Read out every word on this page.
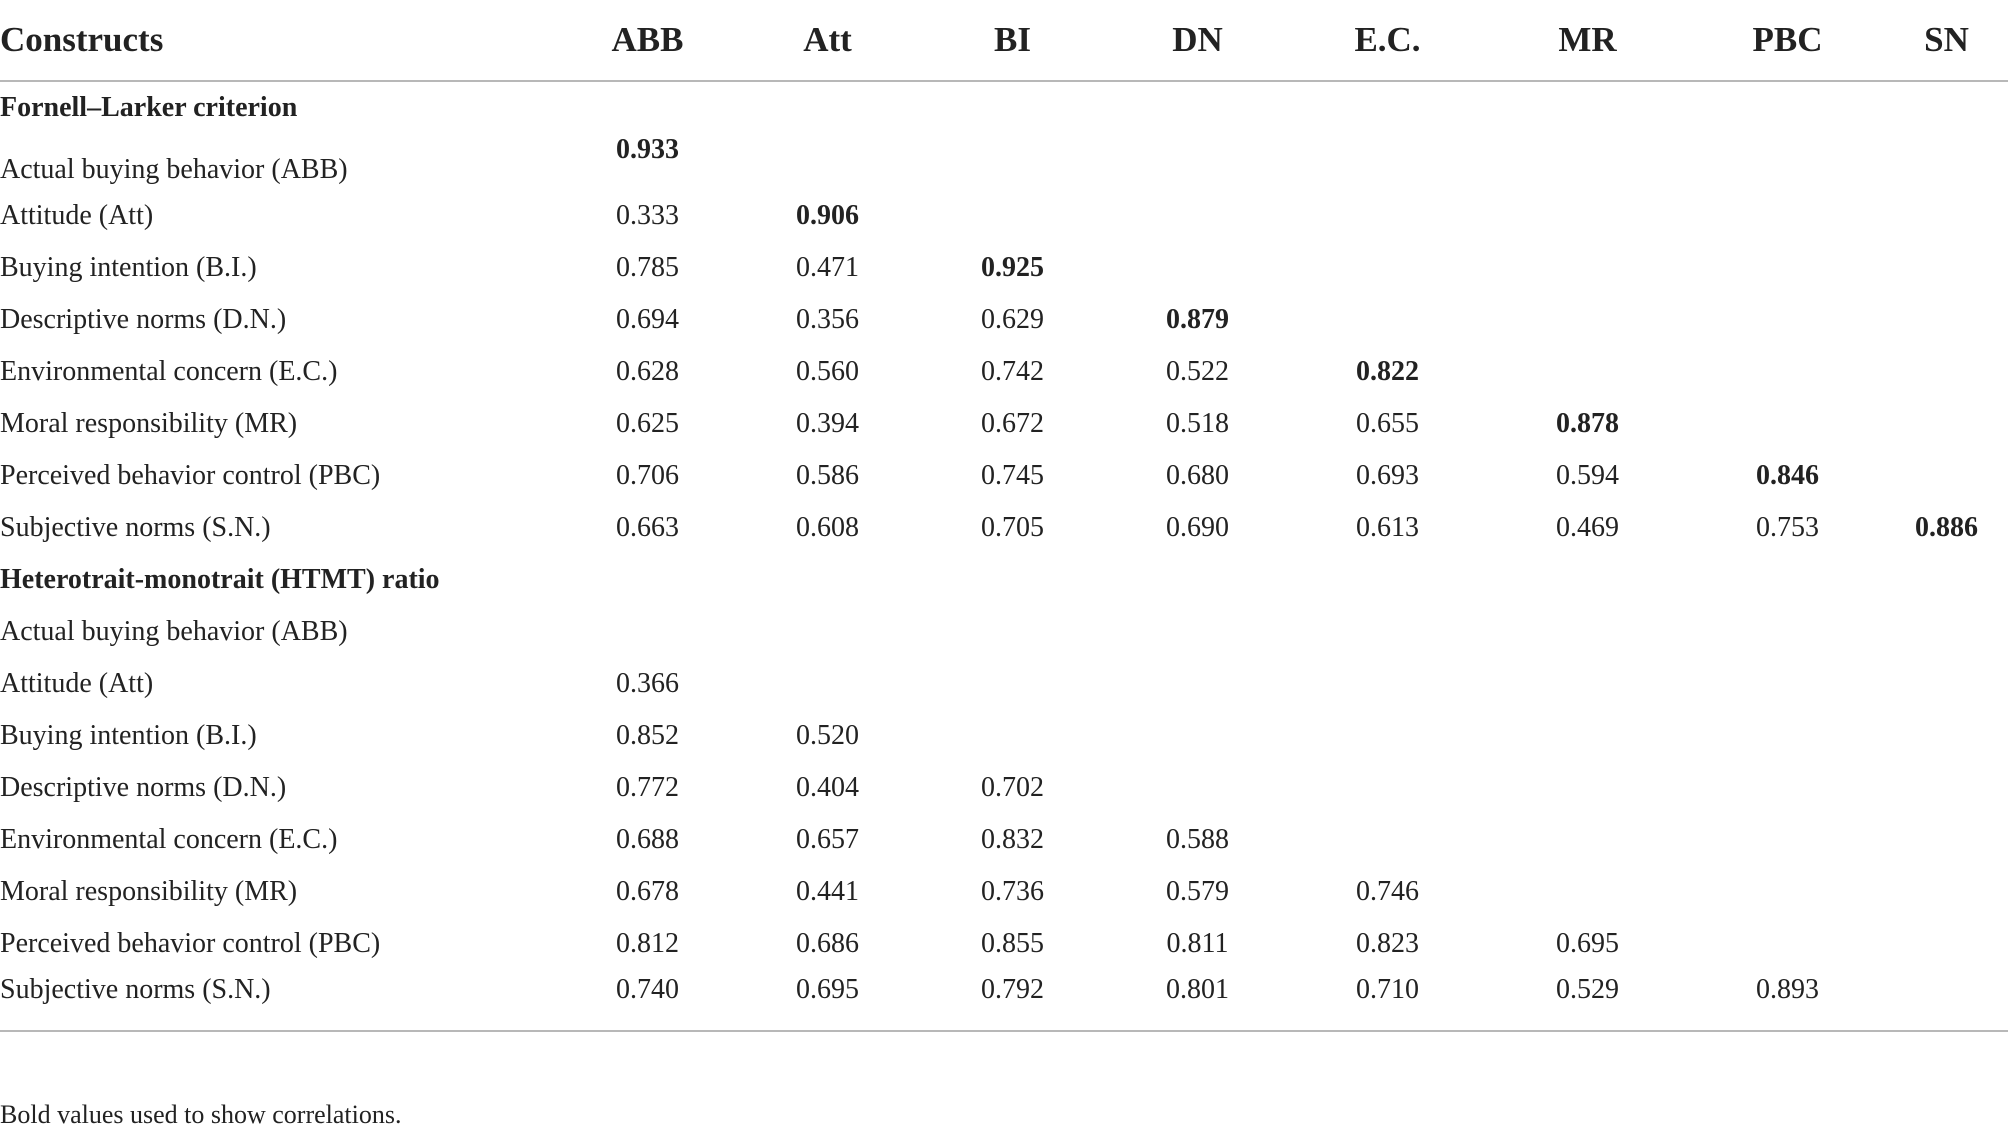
Constructs	ABB	Att	BI	DN	E.C.	MR	PBC	SN
Fornell–Larker criterion								
Actual buying behavior (ABB)	0.933							
Attitude (Att)	0.333	0.906						
Buying intention (B.I.)	0.785	0.471	0.925					
Descriptive norms (D.N.)	0.694	0.356	0.629	0.879				
Environmental concern (E.C.)	0.628	0.560	0.742	0.522	0.822			
Moral responsibility (MR)	0.625	0.394	0.672	0.518	0.655	0.878		
Perceived behavior control (PBC)	0.706	0.586	0.745	0.680	0.693	0.594	0.846	
Subjective norms (S.N.)	0.663	0.608	0.705	0.690	0.613	0.469	0.753	0.886
Heterotrait-monotrait (HTMT) ratio								
Actual buying behavior (ABB)								
Attitude (Att)	0.366							
Buying intention (B.I.)	0.852	0.520						
Descriptive norms (D.N.)	0.772	0.404	0.702					
Environmental concern (E.C.)	0.688	0.657	0.832	0.588				
Moral responsibility (MR)	0.678	0.441	0.736	0.579	0.746			
Perceived behavior control (PBC)	0.812	0.686	0.855	0.811	0.823	0.695		
Subjective norms (S.N.)	0.740	0.695	0.792	0.801	0.710	0.529	0.893	
Bold values used to show correlations.
